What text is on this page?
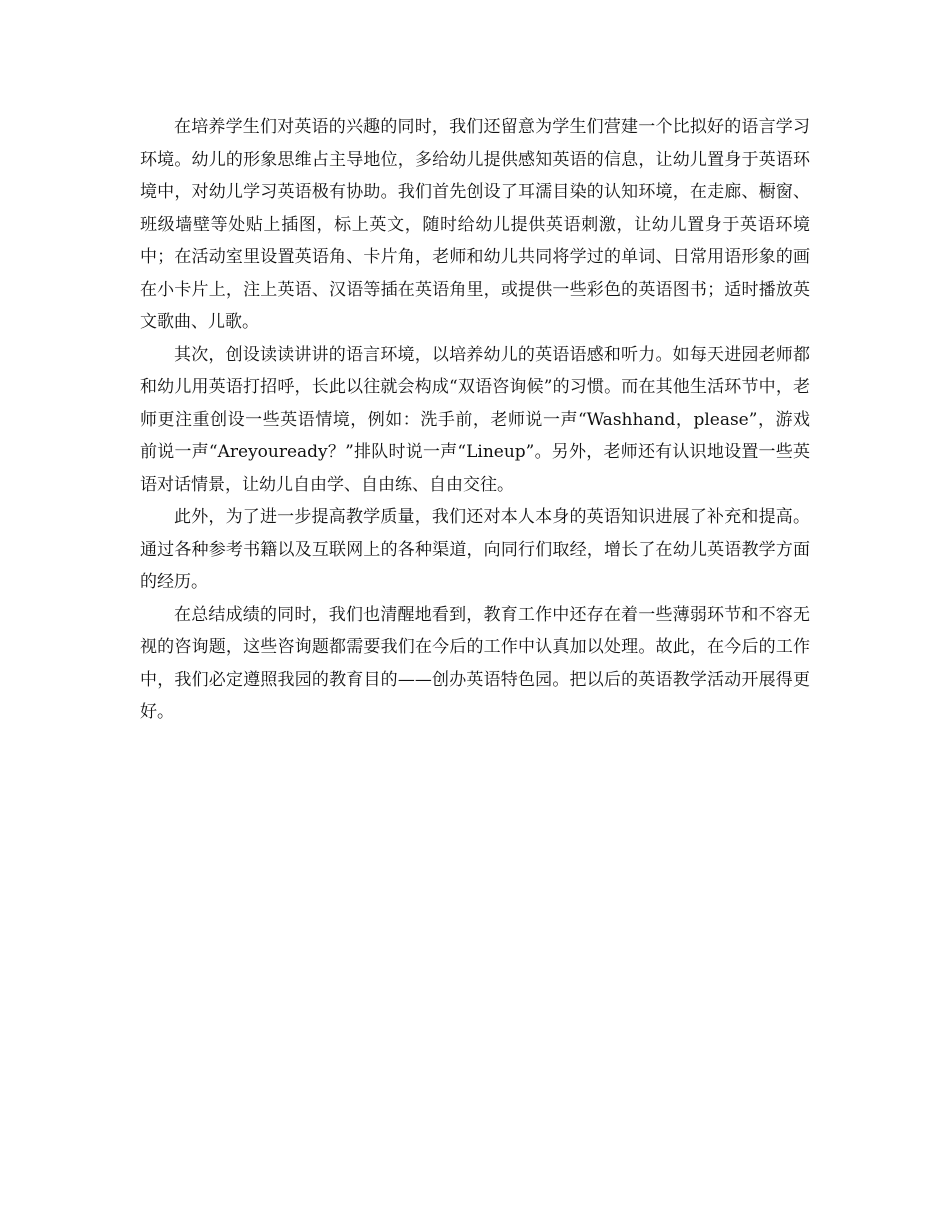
在培养学生们对英语的兴趣的同时，我们还留意为学生们营建一个比拟好的语言学习环境。幼儿的形象思维占主导地位，多给幼儿提供感知英语的信息，让幼儿置身于英语环境中，对幼儿学习英语极有协助。我们首先创设了耳濡目染的认知环境，在走廊、橱窗、班级墙壁等处贴上插图，标上英文，随时给幼儿提供英语刺激，让幼儿置身于英语环境中；在活动室里设置英语角、卡片角，老师和幼儿共同将学过的单词、日常用语形象的画在小卡片上，注上英语、汉语等插在英语角里，或提供一些彩色的英语图书；适时播放英文歌曲、儿歌。

其次，创设读读讲讲的语言环境，以培养幼儿的英语语感和听力。如每天进园老师都和幼儿用英语打招呼，长此以往就会构成“双语咨询候”的习惯。而在其他生活环节中，老师更注重创设一些英语情境，例如：洗手前，老师说一声“Washhand，please”，游戏前说一声“Areyouready？”排队时说一声“Lineup”。另外，老师还有认识地设置一些英语对话情景，让幼儿自由学、自由练、自由交往。

此外，为了进一步提高教学质量，我们还对本人本身的英语知识进展了补充和提高。通过各种参考书籍以及互联网上的各种渠道，向同行们取经，增长了在幼儿英语教学方面的经历。

在总结成绩的同时，我们也清醒地看到，教育工作中还存在着一些薄弱环节和不容无视的咨询题，这些咨询题都需要我们在今后的工作中认真加以处理。故此，在今后的工作中，我们必定遵照我园的教育目的——创办英语特色园。把以后的英语教学活动开展得更好。
